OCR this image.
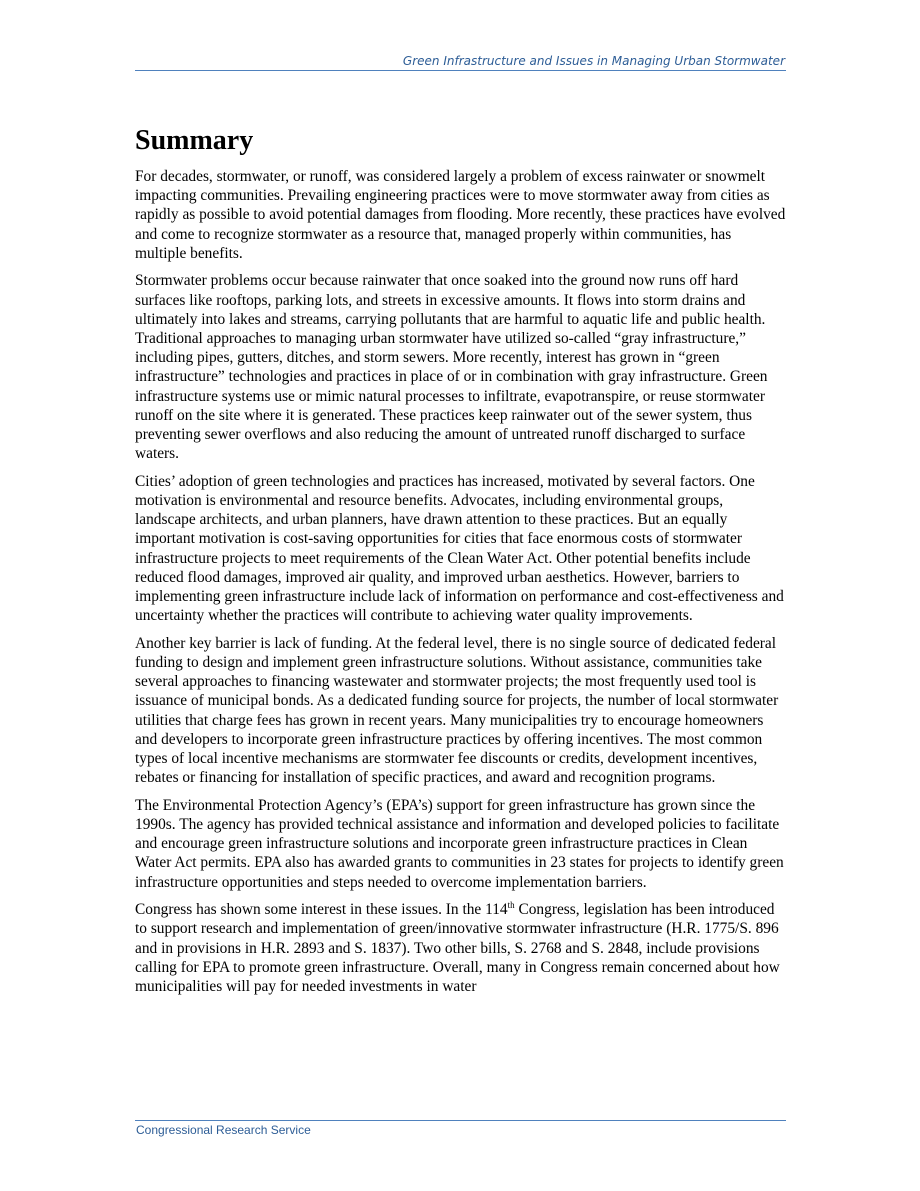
Green Infrastructure and Issues in Managing Urban Stormwater
Summary

For decades, stormwater, or runoff, was considered largely a problem of excess rainwater or snowmelt impacting communities. Prevailing engineering practices were to move stormwater away from cities as rapidly as possible to avoid potential damages from flooding. More recently, these practices have evolved and come to recognize stormwater as a resource that, managed properly within communities, has multiple benefits.

Stormwater problems occur because rainwater that once soaked into the ground now runs off hard surfaces like rooftops, parking lots, and streets in excessive amounts. It flows into storm drains and ultimately into lakes and streams, carrying pollutants that are harmful to aquatic life and public health. Traditional approaches to managing urban stormwater have utilized so-called “gray infrastructure,” including pipes, gutters, ditches, and storm sewers. More recently, interest has grown in “green infrastructure” technologies and practices in place of or in combination with gray infrastructure. Green infrastructure systems use or mimic natural processes to infiltrate, evapotranspire, or reuse stormwater runoff on the site where it is generated. These practices keep rainwater out of the sewer system, thus preventing sewer overflows and also reducing the amount of untreated runoff discharged to surface waters.

Cities’ adoption of green technologies and practices has increased, motivated by several factors. One motivation is environmental and resource benefits. Advocates, including environmental groups, landscape architects, and urban planners, have drawn attention to these practices. But an equally important motivation is cost-saving opportunities for cities that face enormous costs of stormwater infrastructure projects to meet requirements of the Clean Water Act. Other potential benefits include reduced flood damages, improved air quality, and improved urban aesthetics. However, barriers to implementing green infrastructure include lack of information on performance and cost-effectiveness and uncertainty whether the practices will contribute to achieving water quality improvements.

Another key barrier is lack of funding. At the federal level, there is no single source of dedicated federal funding to design and implement green infrastructure solutions. Without assistance, communities take several approaches to financing wastewater and stormwater projects; the most frequently used tool is issuance of municipal bonds. As a dedicated funding source for projects, the number of local stormwater utilities that charge fees has grown in recent years. Many municipalities try to encourage homeowners and developers to incorporate green infrastructure practices by offering incentives. The most common types of local incentive mechanisms are stormwater fee discounts or credits, development incentives, rebates or financing for installation of specific practices, and award and recognition programs.

The Environmental Protection Agency’s (EPA’s) support for green infrastructure has grown since the 1990s. The agency has provided technical assistance and information and developed policies to facilitate and encourage green infrastructure solutions and incorporate green infrastructure practices in Clean Water Act permits. EPA also has awarded grants to communities in 23 states for projects to identify green infrastructure opportunities and steps needed to overcome implementation barriers.

Congress has shown some interest in these issues. In the 114th Congress, legislation has been introduced to support research and implementation of green/innovative stormwater infrastructure (H.R. 1775/S. 896 and in provisions in H.R. 2893 and S. 1837). Two other bills, S. 2768 and S. 2848, include provisions calling for EPA to promote green infrastructure. Overall, many in Congress remain concerned about how municipalities will pay for needed investments in water

Congressional Research Service
